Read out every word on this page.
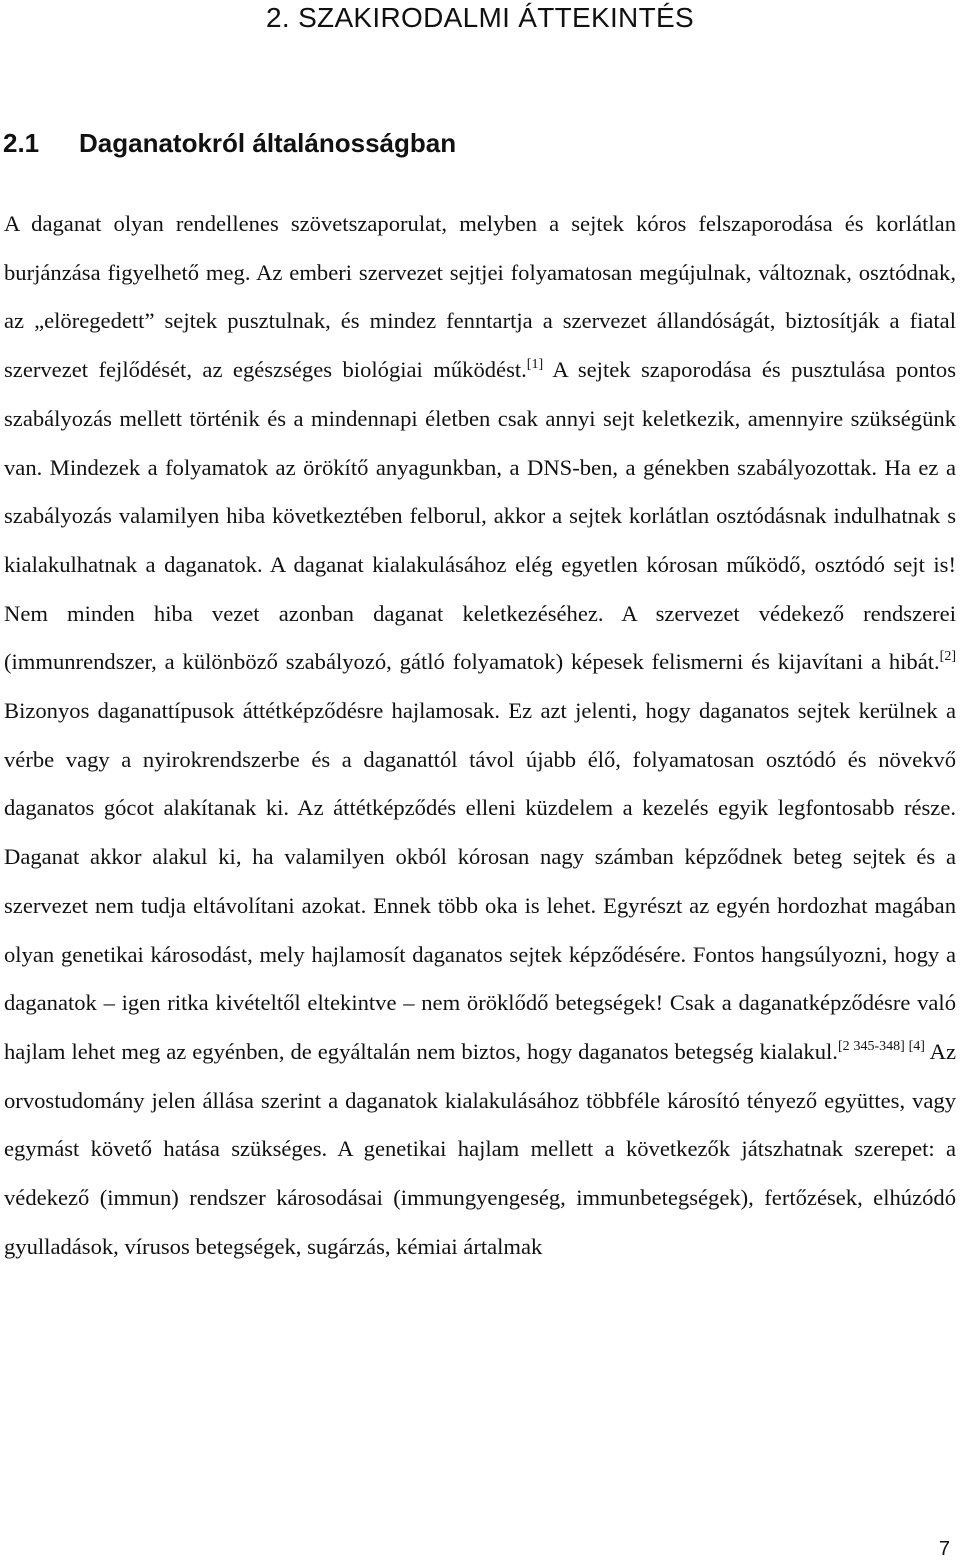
2. SZAKIRODALMI ÁTTEKINTÉS
2.1 Daganatokról általánosságban

A daganat olyan rendellenes szövetszaporulat, melyben a sejtek kóros felszaporodása és korlátlan burjánzása figyelhető meg. Az emberi szervezet sejtjei folyamatosan megújulnak, változnak, osztódnak, az „elöregedett” sejtek pusztulnak, és mindez fenntartja a szervezet állandóságát, biztosítják a fiatal szervezet fejlődését, az egészséges biológiai működést.[1] A sejtek szaporodása és pusztulása pontos szabályozás mellett történik és a mindennapi életben csak annyi sejt keletkezik, amennyire szükségünk van. Mindezek a folyamatok az örökítő anyagunkban, a DNS-ben, a génekben szabályozottak. Ha ez a szabályozás valamilyen hiba következtében felborul, akkor a sejtek korlátlan osztódásnak indulhatnak s kialakulhatnak a daganatok. A daganat kialakulásához elég egyetlen kórosan működő, osztódó sejt is! Nem minden hiba vezet azonban daganat keletkezéséhez. A szervezet védekező rendszerei (immunrendszer, a különböző szabályozó, gátló folyamatok) képesek felismerni és kijavítani a hibát.[2] Bizonyos daganattípusok áttétképződésre hajlamosak. Ez azt jelenti, hogy daganatos sejtek kerülnek a vérbe vagy a nyirokrendszerbe és a daganattól távol újabb élő, folyamatosan osztódó és növekvő daganatos gócot alakítanak ki. Az áttétképződés elleni küzdelem a kezelés egyik legfontosabb része. Daganat akkor alakul ki, ha valamilyen okból kórosan nagy számban képződnek beteg sejtek és a szervezet nem tudja eltávolítani azokat. Ennek több oka is lehet. Egyrészt az egyén hordozhat magában olyan genetikai károsodást, mely hajlamosít daganatos sejtek képződésére. Fontos hangsúlyozni, hogy a daganatok – igen ritka kivételtől eltekintve – nem öröklődő betegségek! Csak a daganatképződésre való hajlam lehet meg az egyénben, de egyáltalán nem biztos, hogy daganatos betegség kialakul.[2 345-348] [4] Az orvostudomány jelen állása szerint a daganatok kialakulásához többféle károsító tényező együttes, vagy egymást követő hatása szükséges. A genetikai hajlam mellett a következők játszhatnak szerepet: a védekező (immun) rendszer károsodásai (immungyengeség, immunbetegségek), fertőzések, elhúzódó gyulladások, vírusos betegségek, sugárzás, kémiai ártalmak

7
